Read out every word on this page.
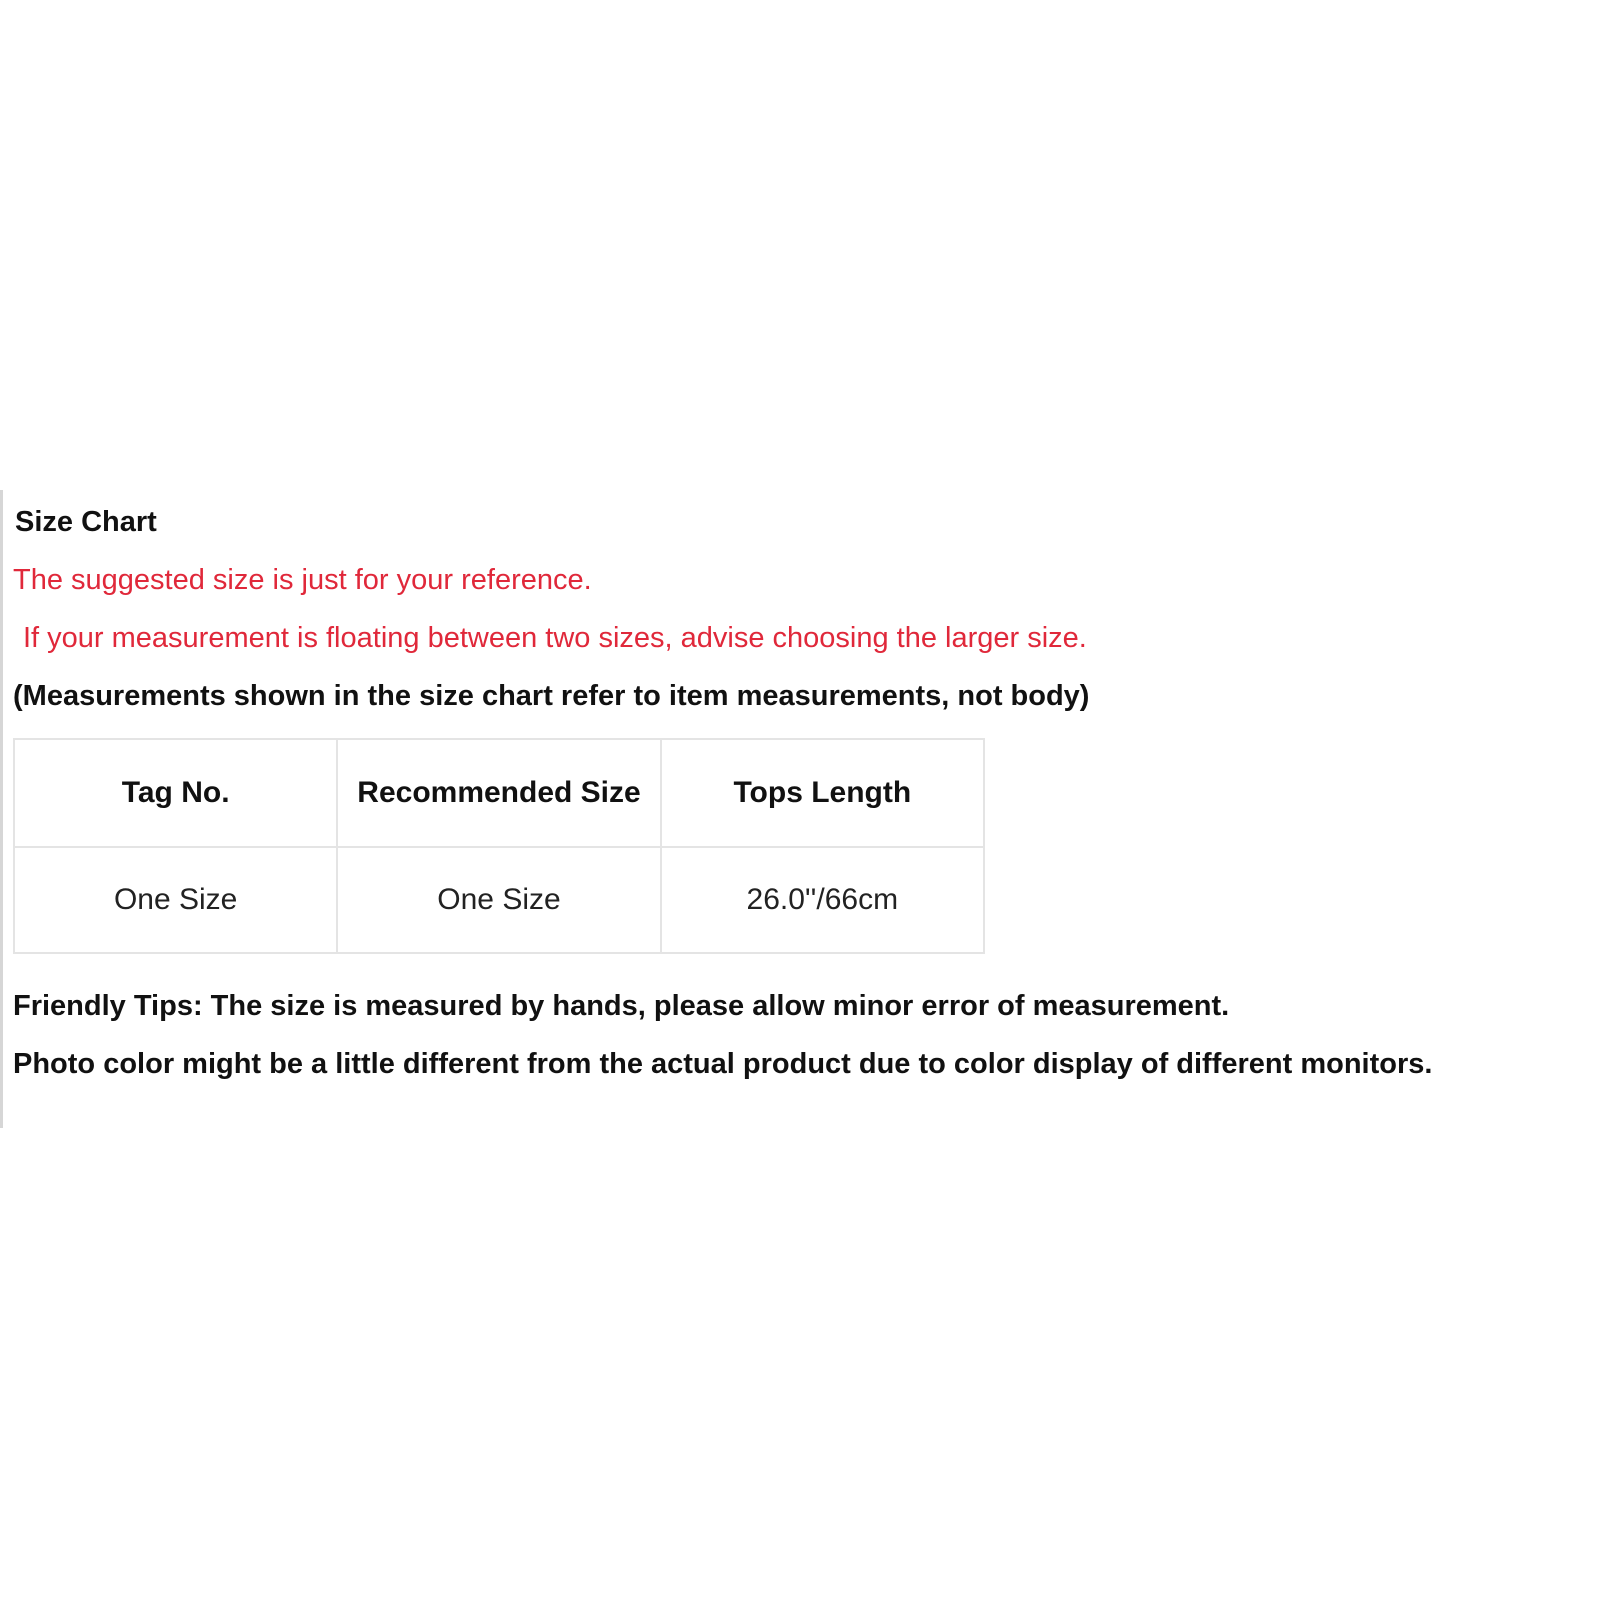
Size Chart
The suggested size is just for your reference.
If your measurement is floating between two sizes, advise choosing the larger size.
(Measurements shown in the size chart refer to item measurements, not body)
Tag No.	Recommended Size	Tops Length
One Size	One Size	26.0''/66cm
Friendly Tips: The size is measured by hands, please allow minor error of measurement.
Photo color might be a little different from the actual product due to color display of different monitors.
